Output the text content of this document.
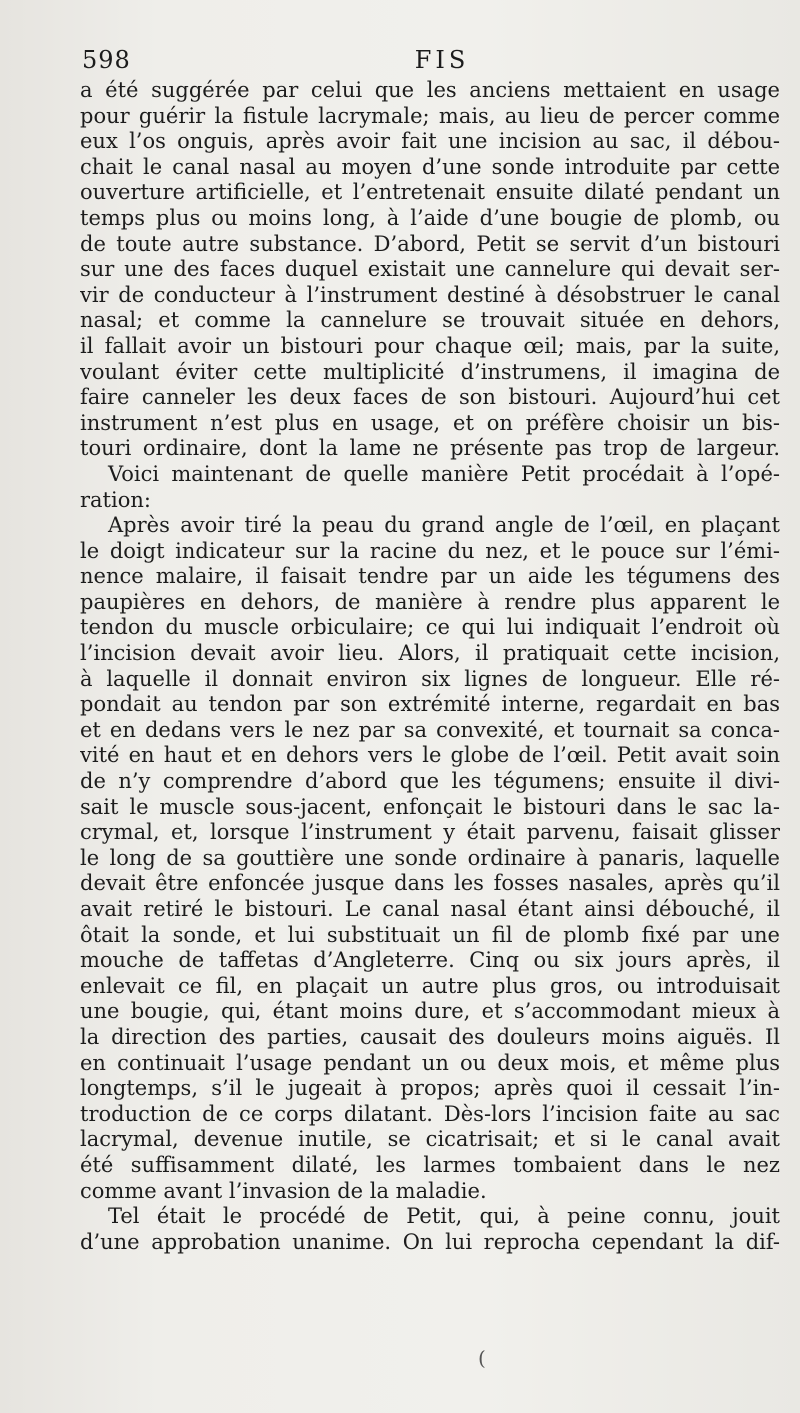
598	FIS
a été suggérée par celui que les anciens mettaient en usage
pour guérir la fistule lacrymale; mais, au lieu de percer comme
eux l’os onguis, après avoir fait une incision au sac, il débou-
chait le canal nasal au moyen d’une sonde introduite par cette
ouverture artificielle, et l’entretenait ensuite dilaté pendant un
temps plus ou moins long, à l’aide d’une bougie de plomb, ou
de toute autre substance. D’abord, Petit se servit d’un bistouri
sur une des faces duquel existait une cannelure qui devait ser-
vir de conducteur à l’instrument destiné à désobstruer le canal
nasal; et comme la cannelure se trouvait située en dehors,
il fallait avoir un bistouri pour chaque œil; mais, par la suite,
voulant éviter cette multiplicité d’instrumens, il imagina de
faire canneler les deux faces de son bistouri. Aujourd’hui cet
instrument n’est plus en usage, et on préfère choisir un bis-
touri ordinaire, dont la lame ne présente pas trop de largeur.
Voici maintenant de quelle manière Petit procédait à l’opé-
ration:
Après avoir tiré la peau du grand angle de l’œil, en plaçant
le doigt indicateur sur la racine du nez, et le pouce sur l’émi-
nence malaire, il faisait tendre par un aide les tégumens des
paupières en dehors, de manière à rendre plus apparent le
tendon du muscle orbiculaire; ce qui lui indiquait l’endroit où
l’incision devait avoir lieu. Alors, il pratiquait cette incision,
à laquelle il donnait environ six lignes de longueur. Elle ré-
pondait au tendon par son extrémité interne, regardait en bas
et en dedans vers le nez par sa convexité, et tournait sa conca-
vité en haut et en dehors vers le globe de l’œil. Petit avait soin
de n’y comprendre d’abord que les tégumens; ensuite il divi-
sait le muscle sous-jacent, enfonçait le bistouri dans le sac la-
crymal, et, lorsque l’instrument y était parvenu, faisait glisser
le long de sa gouttière une sonde ordinaire à panaris, laquelle
devait être enfoncée jusque dans les fosses nasales, après qu’il
avait retiré le bistouri. Le canal nasal étant ainsi débouché, il
ôtait la sonde, et lui substituait un fil de plomb fixé par une
mouche de taffetas d’Angleterre. Cinq ou six jours après, il
enlevait ce fil, en plaçait un autre plus gros, ou introduisait
une bougie, qui, étant moins dure, et s’accommodant mieux à
la direction des parties, causait des douleurs moins aiguës. Il
en continuait l’usage pendant un ou deux mois, et même plus
longtemps, s’il le jugeait à propos; après quoi il cessait l’in-
troduction de ce corps dilatant. Dès-lors l’incision faite au sac
lacrymal, devenue inutile, se cicatrisait; et si le canal avait
été suffisamment dilaté, les larmes tombaient dans le nez
comme avant l’invasion de la maladie.
Tel était le procédé de Petit, qui, à peine connu, jouit
d’une approbation unanime. On lui reprocha cependant la dif-
(
